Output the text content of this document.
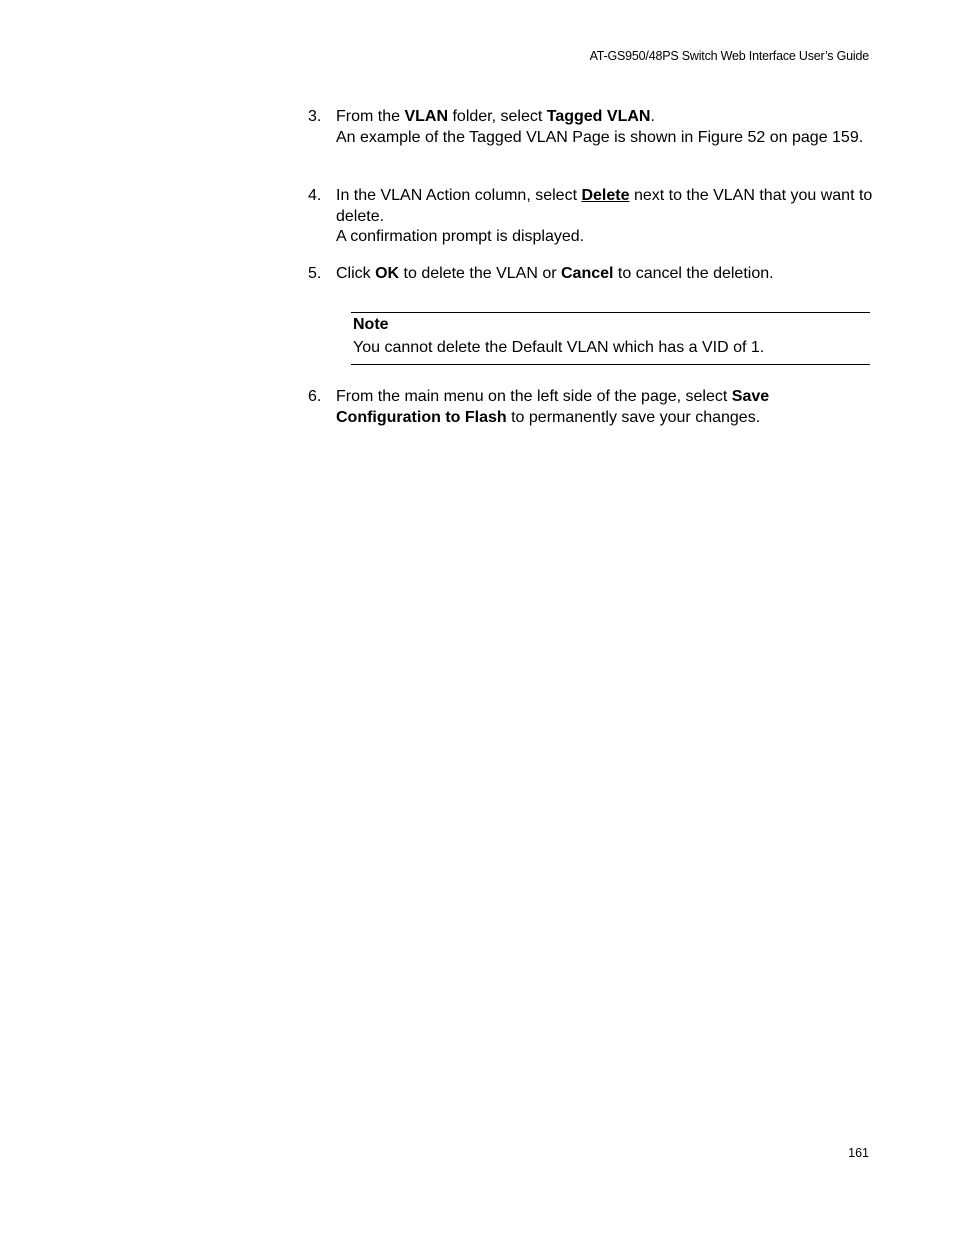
AT-GS950/48PS Switch Web Interface User’s Guide
3. From the VLAN folder, select Tagged VLAN.
An example of the Tagged VLAN Page is shown in Figure 52 on page 159.
4. In the VLAN Action column, select Delete next to the VLAN that you want to delete.
A confirmation prompt is displayed.
5. Click OK to delete the VLAN or Cancel to cancel the deletion.
Note
You cannot delete the Default VLAN which has a VID of 1.
6. From the main menu on the left side of the page, select Save Configuration to Flash to permanently save your changes.
161
